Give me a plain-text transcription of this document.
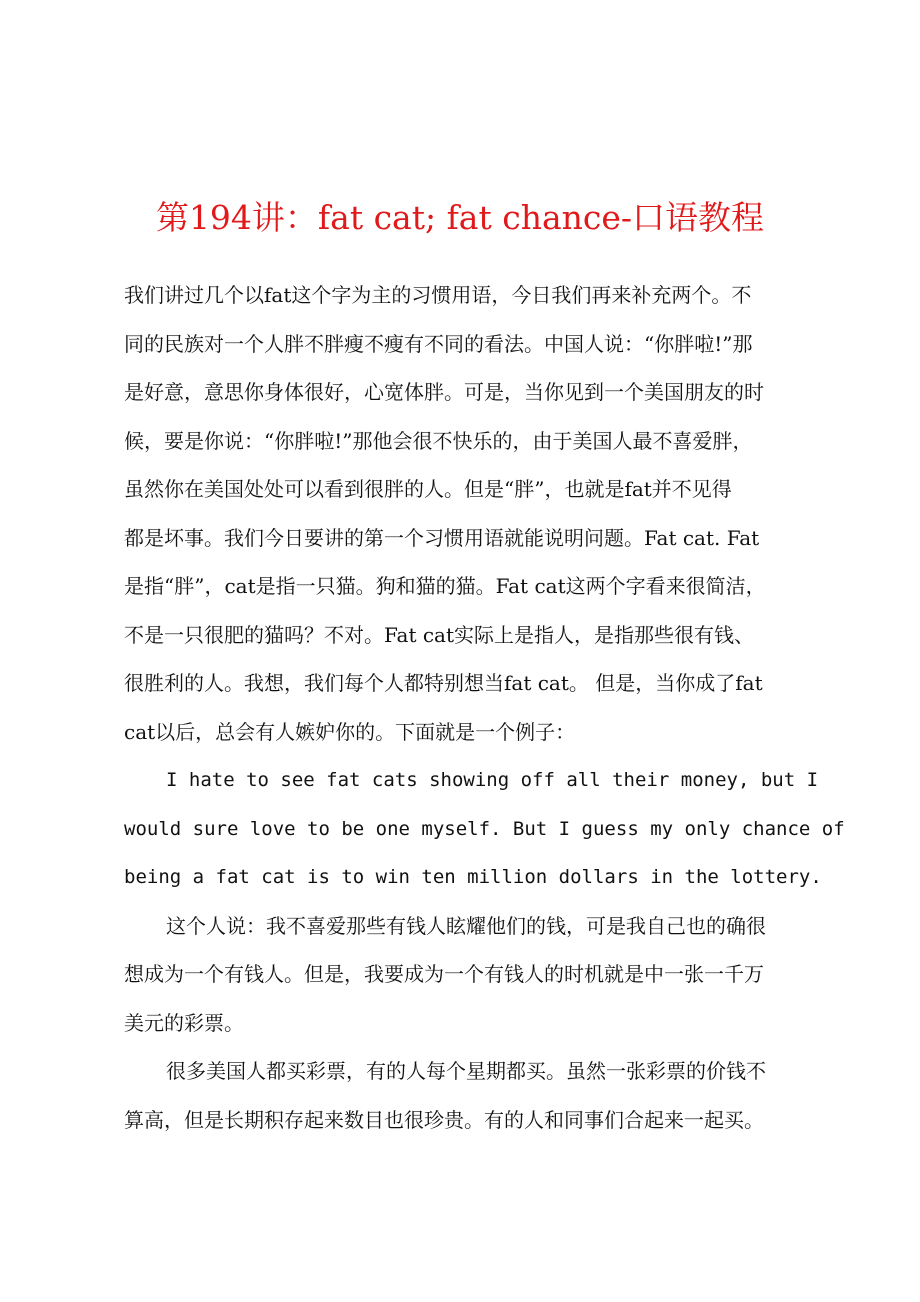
第194讲：fat cat; fat chance-口语教程
我们讲过几个以fat这个字为主的习惯用语，今日我们再来补充两个。不
同的民族对一个人胖不胖瘦不瘦有不同的看法。中国人说：“你胖啦!”那
是好意，意思你身体很好，心宽体胖。可是，当你见到一个美国朋友的时
候，要是你说：“你胖啦!”那他会很不快乐的，由于美国人最不喜爱胖，
虽然你在美国处处可以看到很胖的人。但是“胖”，也就是fat并不见得
都是坏事。我们今日要讲的第一个习惯用语就能说明问题。Fat cat. Fat
是指“胖”，cat是指一只猫。狗和猫的猫。Fat cat这两个字看来很简洁，
不是一只很肥的猫吗？不对。Fat cat实际上是指人，是指那些很有钱、
很胜利的人。我想，我们每个人都特别想当fat cat。 但是，当你成了fat
cat以后，总会有人嫉妒你的。下面就是一个例子：
I hate to see fat cats showing off all their money, but I
would sure love to be one myself. But I guess my only chance of
being a fat cat is to win ten million dollars in the lottery.
这个人说：我不喜爱那些有钱人眩耀他们的钱，可是我自己也的确很
想成为一个有钱人。但是，我要成为一个有钱人的时机就是中一张一千万
美元的彩票。
很多美国人都买彩票，有的人每个星期都买。虽然一张彩票的价钱不
算高，但是长期积存起来数目也很珍贵。有的人和同事们合起来一起买。
